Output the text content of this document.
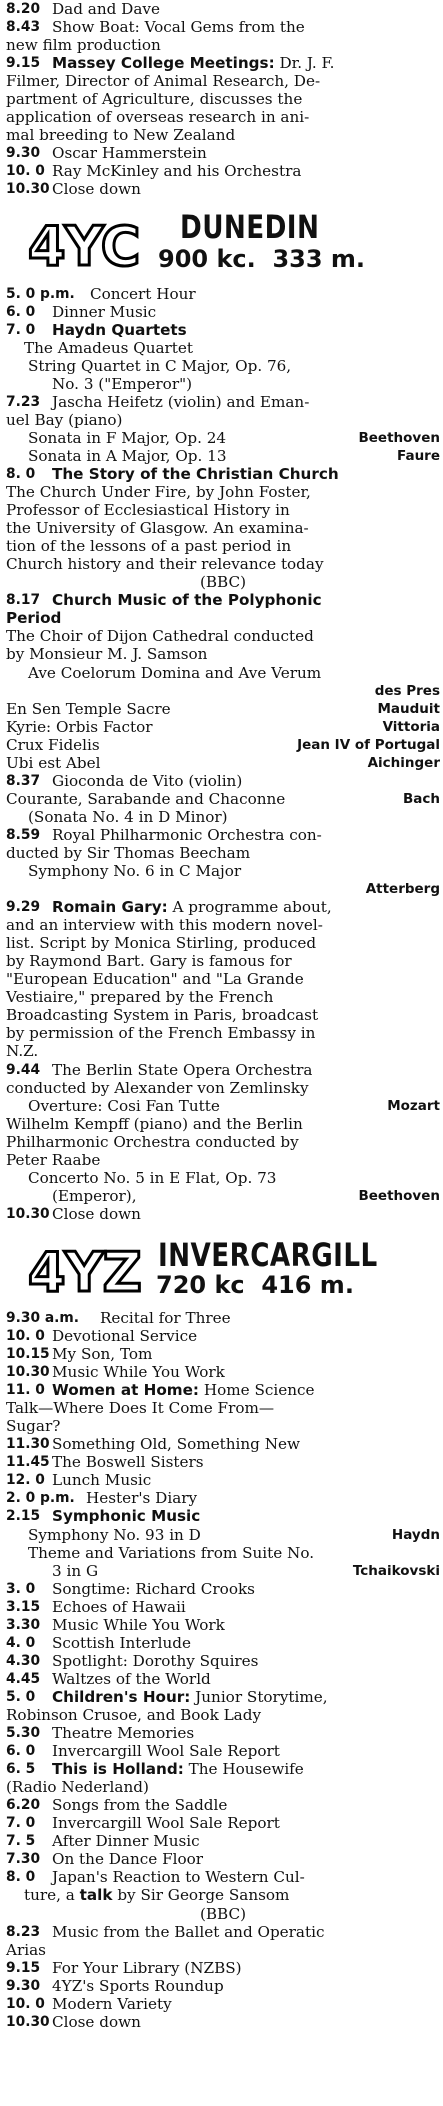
8.20 Dad and Dave
8.43 Show Boat: Vocal Gems from the
new film production
9.15 Massey College Meetings: Dr. J. F.
Filmer, Director of Animal Research, De-
partment of Agriculture, discusses the
application of overseas research in ani-
mal breeding to New Zealand
9.30 Oscar Hammerstein
10. 0 Ray McKinley and his Orchestra
10.30 Close down
4YC DUNEDIN
900 kc.  333 m.
5. 0 p.m. Concert Hour
6. 0	Dinner Music
7. 0	Haydn Quartets
The Amadeus Quartet
String Quartet in C Major, Op. 76,
No. 3 ("Emperor")
7.23 Jascha Heifetz (violin) and Eman-
uel Bay (piano)
Sonata in F Major, Op. 24	Beethoven
Sonata in A Major, Op. 13	Faure
8. 0	The Story of the Christian Church
The Church Under Fire, by John Foster,
Professor of Ecclesiastical History in
the University of Glasgow. An examina-
tion of the lessons of a past period in
Church history and their relevance today
(BBC)
8.17 Church Music of the Polyphonic
Period
The Choir of Dijon Cathedral conducted
by Monsieur M. J. Samson
Ave Coelorum Domina and Ave Verum
des Pres
En Sen Temple Sacre	Mauduit
Kyrie: Orbis Factor	Vittoria
Crux Fidelis	Jean IV of Portugal
Ubi est Abel	Aichinger
8.37 Gioconda de Vito (violin)
Courante, Sarabande and Chaconne	Bach
(Sonata No. 4 in D Minor)
8.59 Royal Philharmonic Orchestra con-
ducted by Sir Thomas Beecham
Symphony No. 6 in C Major
Atterberg
9.29 Romain Gary: A programme about,
and an interview with this modern novel-
list. Script by Monica Stirling, produced
by Raymond Bart. Gary is famous for
"European Education" and "La Grande
Vestiaire," prepared by the French
Broadcasting System in Paris, broadcast
by permission of the French Embassy in
N.Z.
9.44 The Berlin State Opera Orchestra
conducted by Alexander von Zemlinsky
Overture: Cosi Fan Tutte	Mozart
Wilhelm Kempff (piano) and the Berlin
Philharmonic Orchestra conducted by
Peter Raabe
Concerto No. 5 in E Flat, Op. 73
(Emperor),	Beethoven
10.30 Close down
4YZ INVERCARGILL
720 kc  416 m.
9.30 a.m. Recital for Three
10. 0 Devotional Service
10.15 My Son, Tom
10.30 Music While You Work
11. 0 Women at Home: Home Science
Talk—Where Does It Come From—
Sugar?
11.30 Something Old, Something New
11.45 The Boswell Sisters
12. 0 Lunch Music
2. 0 p.m. Hester's Diary
2.15 Symphonic Music
Symphony No. 93 in D	Haydn
Theme and Variations from Suite No.
3 in G	Tchaikovski
3. 0	Songtime: Richard Crooks
3.15 Echoes of Hawaii
3.30 Music While You Work
4. 0	Scottish Interlude
4.30 Spotlight: Dorothy Squires
4.45 Waltzes of the World
5. 0	Children's Hour: Junior Storytime,
Robinson Crusoe, and Book Lady
5.30 Theatre Memories
6. 0	Invercargill Wool Sale Report
6. 5	This is Holland: The Housewife
(Radio Nederland)
6.20 Songs from the Saddle
7. 0	Invercargill Wool Sale Report
7. 5	After Dinner Music
7.30 On the Dance Floor
8. 0	Japan's Reaction to Western Cul-
ture, a talk by Sir George Sansom
(BBC)
8.23 Music from the Ballet and Operatic
Arias
9.15 For Your Library (NZBS)
9.30 4YZ's Sports Roundup
10. 0 Modern Variety
10.30 Close down
